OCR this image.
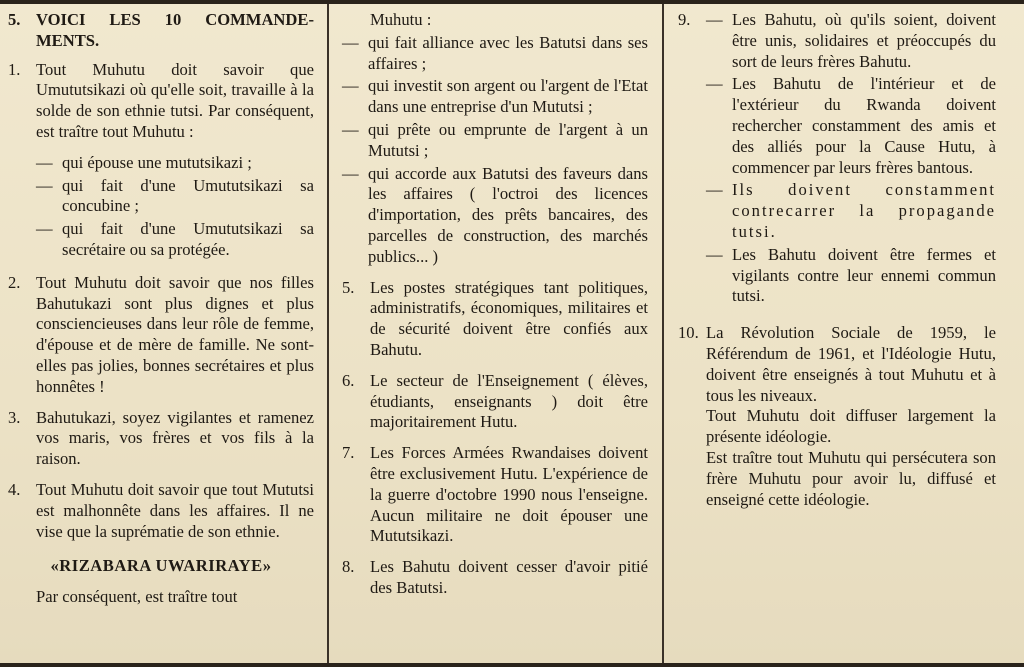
5. VOICI LES 10 COMMANDE-MENTS.
1. Tout Muhutu doit savoir que Umututsikazi où qu'elle soit, travaille à la solde de son ethnie tutsi. Par conséquent, est traître tout Muhutu :

— qui épouse une mututsikazi ;
— qui fait d'une Umututsikazi sa concubine ;
— qui fait d'une Umututsikazi sa secrétaire ou sa protégée.
2. Tout Muhutu doit savoir que nos filles Bahutukazi sont plus dignes et plus consciencieuses dans leur rôle de femme, d'épouse et de mère de famille. Ne sont-elles pas jolies, bonnes secrétaires et plus honnêtes !
3. Bahutukazi, soyez vigilantes et ramenez vos maris, vos frères et vos fils à la raison.
4. Tout Muhutu doit savoir que tout Mututsi est malhonnête dans les affaires. Il ne vise que la suprématie de son ethnie.
«RIZABARA UWARIRAYE»

Par conséquent, est traître tout

Muhutu :

— qui fait alliance avec les Batutsi dans ses affaires ;
— qui investit son argent ou l'argent de l'Etat dans une entreprise d'un Mututsi ;
— qui prête ou emprunte de l'argent à un Mututsi ;
— qui accorde aux Batutsi des faveurs dans les affaires ( l'octroi des licences d'importation, des prêts bancaires, des parcelles de construction, des marchés publics... )
5. Les postes stratégiques tant politiques, administratifs, économiques, militaires et de sécurité doivent être confiés aux Bahutu.
6. Le secteur de l'Enseignement ( élèves, étudiants, enseignants ) doit être majoritairement Hutu.
7. Les Forces Armées Rwandaises doivent être exclusivement Hutu. L'expérience de la guerre d'octobre 1990 nous l'enseigne. Aucun militaire ne doit épouser une Mututsikazi.
8. Les Bahutu doivent cesser d'avoir pitié des Batutsi.
9. — Les Bahutu, où qu'ils soient, doivent être unis, solidaires et préoccupés du sort de leurs frères Bahutu.
— Les Bahutu de l'intérieur et de l'extérieur du Rwanda doivent rechercher constamment des amis et des alliés pour la Cause Hutu, à commencer par leurs frères bantous.
— Ils doivent constamment contrecarrer la propagande tutsi.
— Les Bahutu doivent être fermes et vigilants contre leur ennemi commun tutsi.
10. La Révolution Sociale de 1959, le Référendum de 1961, et l'Idéologie Hutu, doivent être enseignés à tout Muhutu et à tous les niveaux.

Tout Muhutu doit diffuser largement la présente idéologie.

Est traître tout Muhutu qui persécutera son frère Muhutu pour avoir lu, diffusé et enseigné cette idéologie.
